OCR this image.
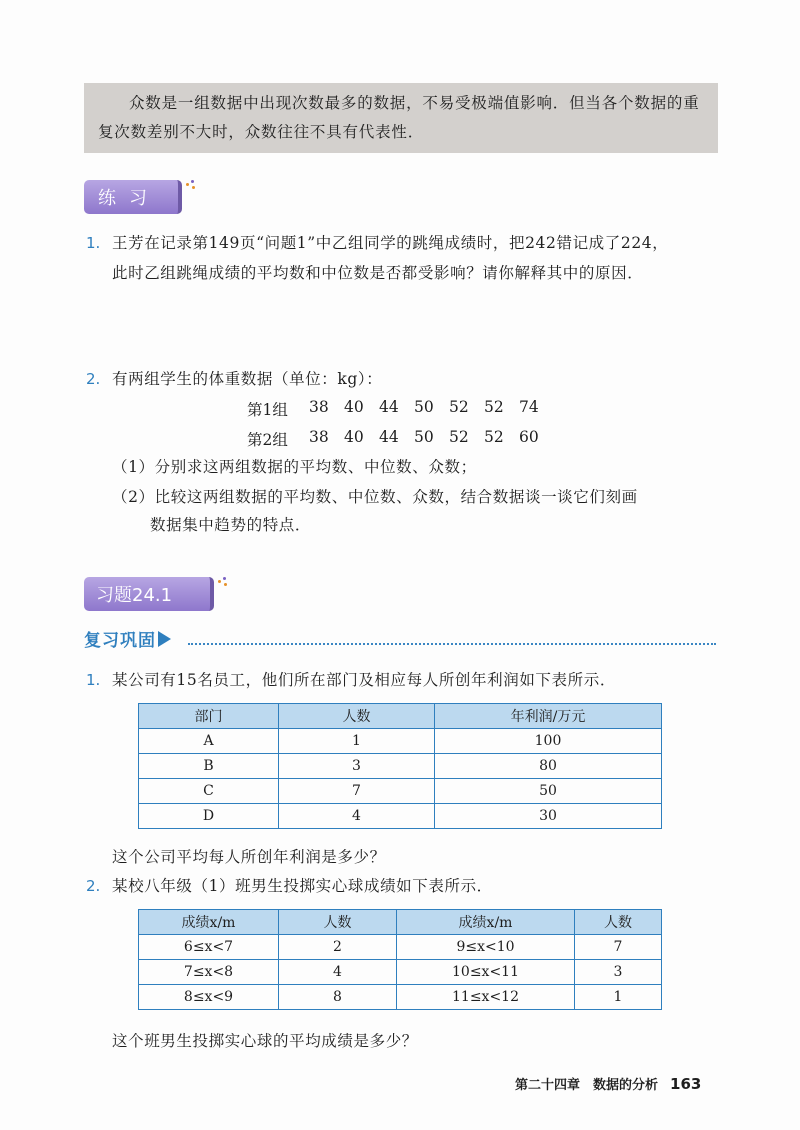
众数是一组数据中出现次数最多的数据，不易受极端值影响．但当各个数据的重复次数差别不大时，众数往往不具有代表性．

练习
1. 王芳在记录第149页“问题1”中乙组同学的跳绳成绩时，把242错记成了224，
此时乙组跳绳成绩的平均数和中位数是否都受影响？请你解释其中的原因．
2. 有两组学生的体重数据（单位：kg）：
第1组	38 40 44 50 52 52 74
第2组	38 40 44 50 52 52 60
（1）分别求这两组数据的平均数、中位数、众数；
（2）比较这两组数据的平均数、中位数、众数，结合数据谈一谈它们刻画
数据集中趋势的特点．
习题24.1
复习巩固
1. 某公司有15名员工，他们所在部门及相应每人所创年利润如下表所示．
部门	人数	年利润/万元
A	1	100
B	3	80
C	7	50
D	4	30
这个公司平均每人所创年利润是多少？
2. 某校八年级（1）班男生投掷实心球成绩如下表所示．
成绩x/m	人数	成绩x/m	人数
6≤x<7	2	9≤x<10	7
7≤x<8	4	10≤x<11	3
8≤x<9	8	11≤x<12	1
这个班男生投掷实心球的平均成绩是多少？
第二十四章　数据的分析 163
